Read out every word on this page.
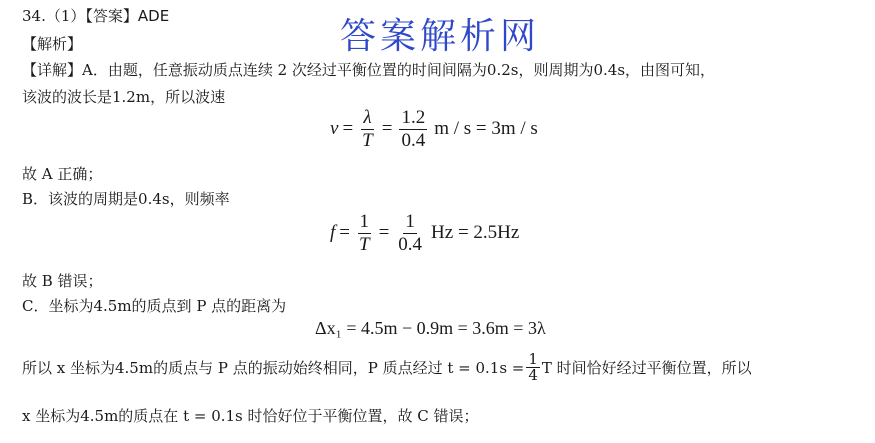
34.（1）【答案】ADE	答案解析网
【解析】
【详解】A．由题，任意振动质点连续 2 次经过平衡位置的时间间隔为0.2s，则周期为0.4s，由图可知，
该波的波长是1.2m，所以波速
$v = \frac{\lambda}{T} = \frac{1.2}{0.4}$ m / s = 3m / s
故 A 正确；
B．该波的周期是0.4s，则频率
$f = \frac{1}{T} = \frac{1}{0.4}$ Hz = 2.5Hz
故 B 错误；
C．坐标为4.5m的质点到 P 点的距离为
Δx₁ = 4.5m − 0.9m = 3.6m = 3λ
所以 x 坐标为4.5m的质点与 P 点的振动始终相同，P 质点经过 $t = 0.1s = \frac{1}{4}$ T 时间恰好经过平衡位置，所以
x 坐标为4.5m的质点在 t = 0.1s 时恰好位于平衡位置，故 C 错误；
